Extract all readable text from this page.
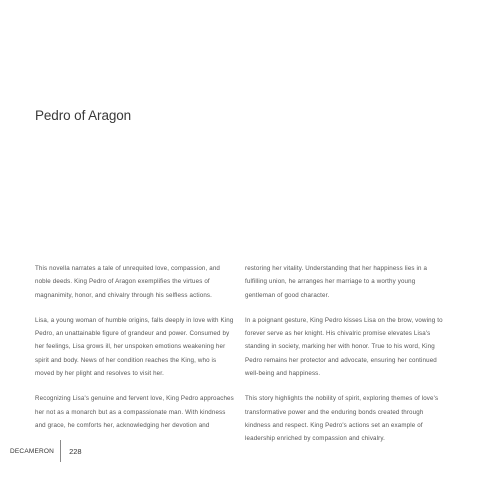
Pedro of Aragon

This novella narrates a tale of unrequited love, compassion, and noble deeds. King Pedro of Aragon exemplifies the virtues of magnanimity, honor, and chivalry through his selfless actions.

Lisa, a young woman of humble origins, falls deeply in love with King Pedro, an unattainable figure of grandeur and power. Consumed by her feelings, Lisa grows ill, her unspoken emotions weakening her spirit and body. News of her condition reaches the King, who is moved by her plight and resolves to visit her.

Recognizing Lisa's genuine and fervent love, King Pedro approaches her not as a monarch but as a compassionate man. With kindness and grace, he comforts her, acknowledging her devotion and

restoring her vitality. Understanding that her happiness lies in a fulfilling union, he arranges her marriage to a worthy young gentleman of good character.

In a poignant gesture, King Pedro kisses Lisa on the brow, vowing to forever serve as her knight. His chivalric promise elevates Lisa's standing in society, marking her with honor. True to his word, King Pedro remains her protector and advocate, ensuring her continued well-being and happiness.

This story highlights the nobility of spirit, exploring themes of love's transformative power and the enduring bonds created through kindness and respect. King Pedro's actions set an example of leadership enriched by compassion and chivalry.

DECAMERON	228
